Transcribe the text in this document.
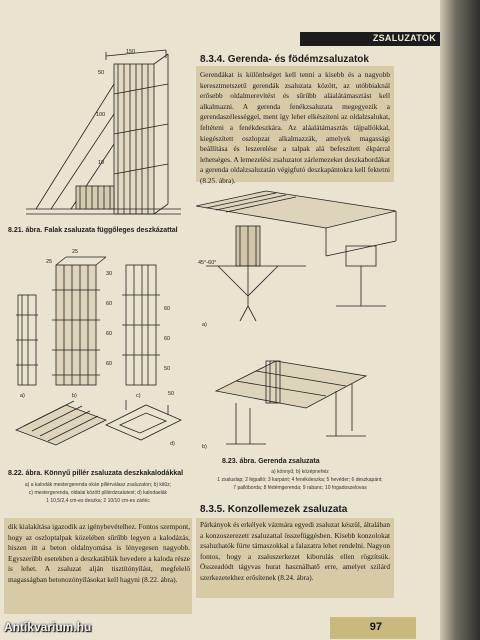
ZSALUZATOK
150
50
100
10
8.21. ábra. Falak zsaluzata függőleges deszkázattal
25
25
30
60
60
60
60
60
50
50
a)	b)	c)
d)
8.22. ábra. Könnyű pillér zsaluzata deszkakalodákkal
a) a kalodák mestergerenda okán pillérválasz zsaluzaton; b) kitűz;
c) mestergerenda, oldalai között pillérdzsalutest; d) kalodaelák
1 10,5/2,4 cm-es deszka; 2 10/10 cm-es zárléc
8.3.4. Gerenda- és födémzsaluzatok

Gerendákat is különbséget kell tenni a kisebb és a nagyobb keresztmetszetű gerendák zsaluzata között, az utóbbiaknál erősebb oldalmerevítést és sűrűbb aláalátámasztást kell alkalmazni. A gerenda fenékzsaluzata megegyezik a gerendaszélességgel, ment így lehet elkészíteni az oldalzsalukat, feltéteni a fenékdeszkára. Az aláalátámasztás tájpallókkal, kiegészített oszlopzat alkalmazzák, amelyek magassági beállítása és leszerelése a talpak alá befeszített ékpárral lehetséges. A lemezelési zsaluzatot zárlemezeket deszkabordákat a gerenda oldalzsaluzatán végigfutó deszkapántokra kell fektetni (8.25. ábra).

45°-60°
a)
b)
8.23. ábra. Gerenda zsaluzata
a) könnyű; b) középnehéz
1 zsaluslap; 2 fejpalló; 3 karpánt; 4 fenékdeszka; 5 hevéder; 6 deszkapánt;
7 pallóborda; 8 fédémgerenda; 9 rabanc; 10 fogadoszelovas
8.3.5. Konzollemezek zsaluzata

Párkányok és erkélyek vázmára egyedi zsaluzat készül, általában a konzoszerezett zsaluzattal összefüggésben. Kisebb konzolokat zsaluzhatók fürte támaszokkal a falazatra lehet rendelni. Nagyon fontos, hogy a zsaluszerkezet kiborulás ellen rögzítsük. Összeadódt tágyvas hurat használhatő erre, amelyet szilárd szerkezetekhez erősítenek (8.24. ábra).

dik kialakítása igazodik az igénybevételhez. Fontos szempont, hogy az oszloptalpak közelében sűrűbb legyen a kalodázás, hiszen itt a beton oldalnyomása is lényegesen nagyobb. Egyszerűbb esetekben a deszkatáblák hevedere a kaloda része is lehet. A zsaluzat alján tisztítónyílást, megfelelő magasságban betonozónyílásokat kell hagyni (8.22. ábra).

97
Antikvarium.hu
